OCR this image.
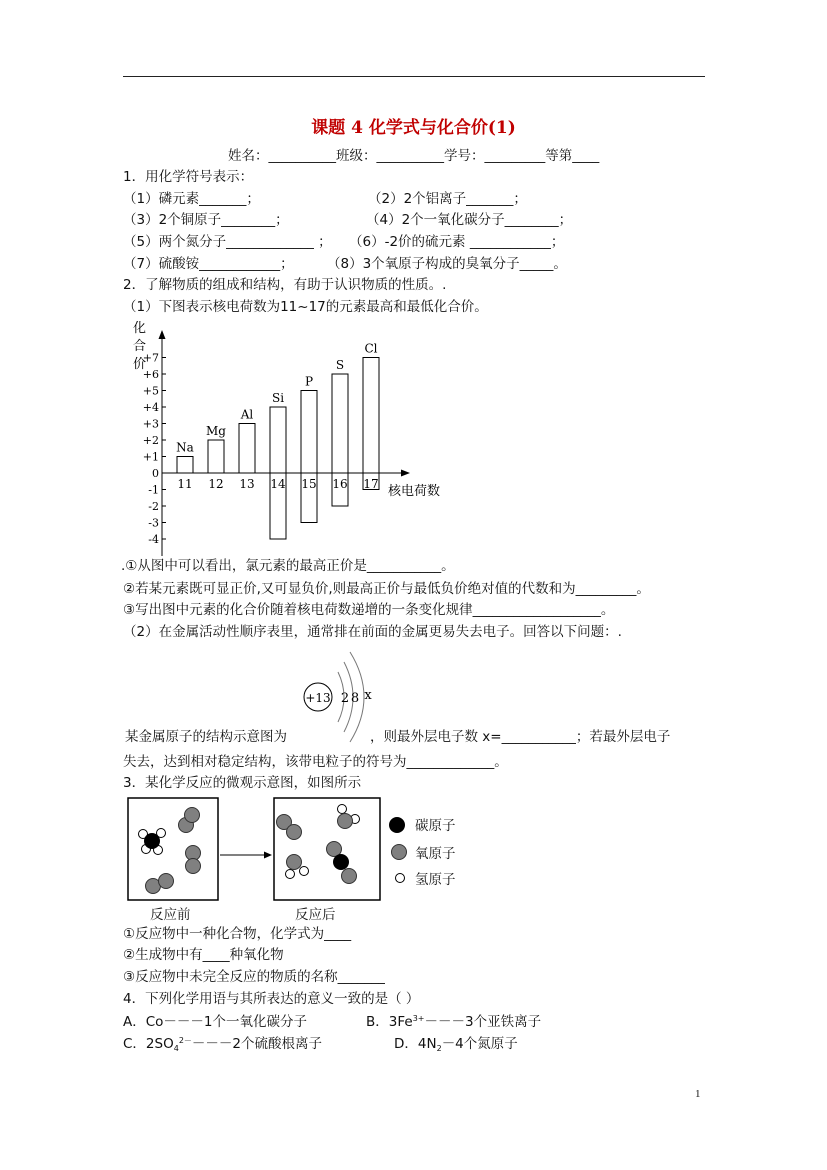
课题 4 化学式与化合价(1)
姓名：__________班级：__________学号：_________等第____
1．用化学符号表示：
（1）磷元素_______；	（2）2个铝离子_______；
（3）2个铜原子________；	（4）2个一氧化碳分子________；
（5）两个氮分子_____________ ； （6）-2价的硫元素 ____________；
（7）硫酸铵____________； （8）3个氧原子构成的臭氧分子_____。
2．了解物质的组成和结构，有助于认识物质的性质。.
（1）下图表示核电荷数为11~17的元素最高和最低化合价。
化
合
价
+7
+6
+5
+4
+3
+2
+1
0
-1
-2
-3
-4
11
Na
12
Mg
13
Al
14
Si
15
P
16
S
17
Cl
核电荷数
.①从图中可以看出，氯元素的最高正价是___________。
②若某元素既可显正价,又可显负价,则最高正价与最低负价绝对值的代数和为_________。
③写出图中元素的化合价随着核电荷数递增的一条变化规律___________________。
（2）在金属活动性顺序表里，通常排在前面的金属更易失去电子。回答以下问题：.
+13 2 8 x
某金属原子的结构示意图为	，则最外层电子数 x=___________；若最外层电子
失去，达到相对稳定结构，该带电粒子的符号为_____________。
3．某化学反应的微观示意图，如图所示
碳原子
氧原子
氢原子
反应前	反应后
①反应物中一种化合物，化学式为____
②生成物中有____种氧化物
③反应物中未完全反应的物质的名称_______
4．下列化学用语与其所表达的意义一致的是（ ）
A．Co－－－1个一氧化碳分子	B．$3Fe^{3+}---3$个亚铁离子
C．$2SO_4^{2-}---2$个硫酸根离子	D．$4N_2-4$个氮原子
1
